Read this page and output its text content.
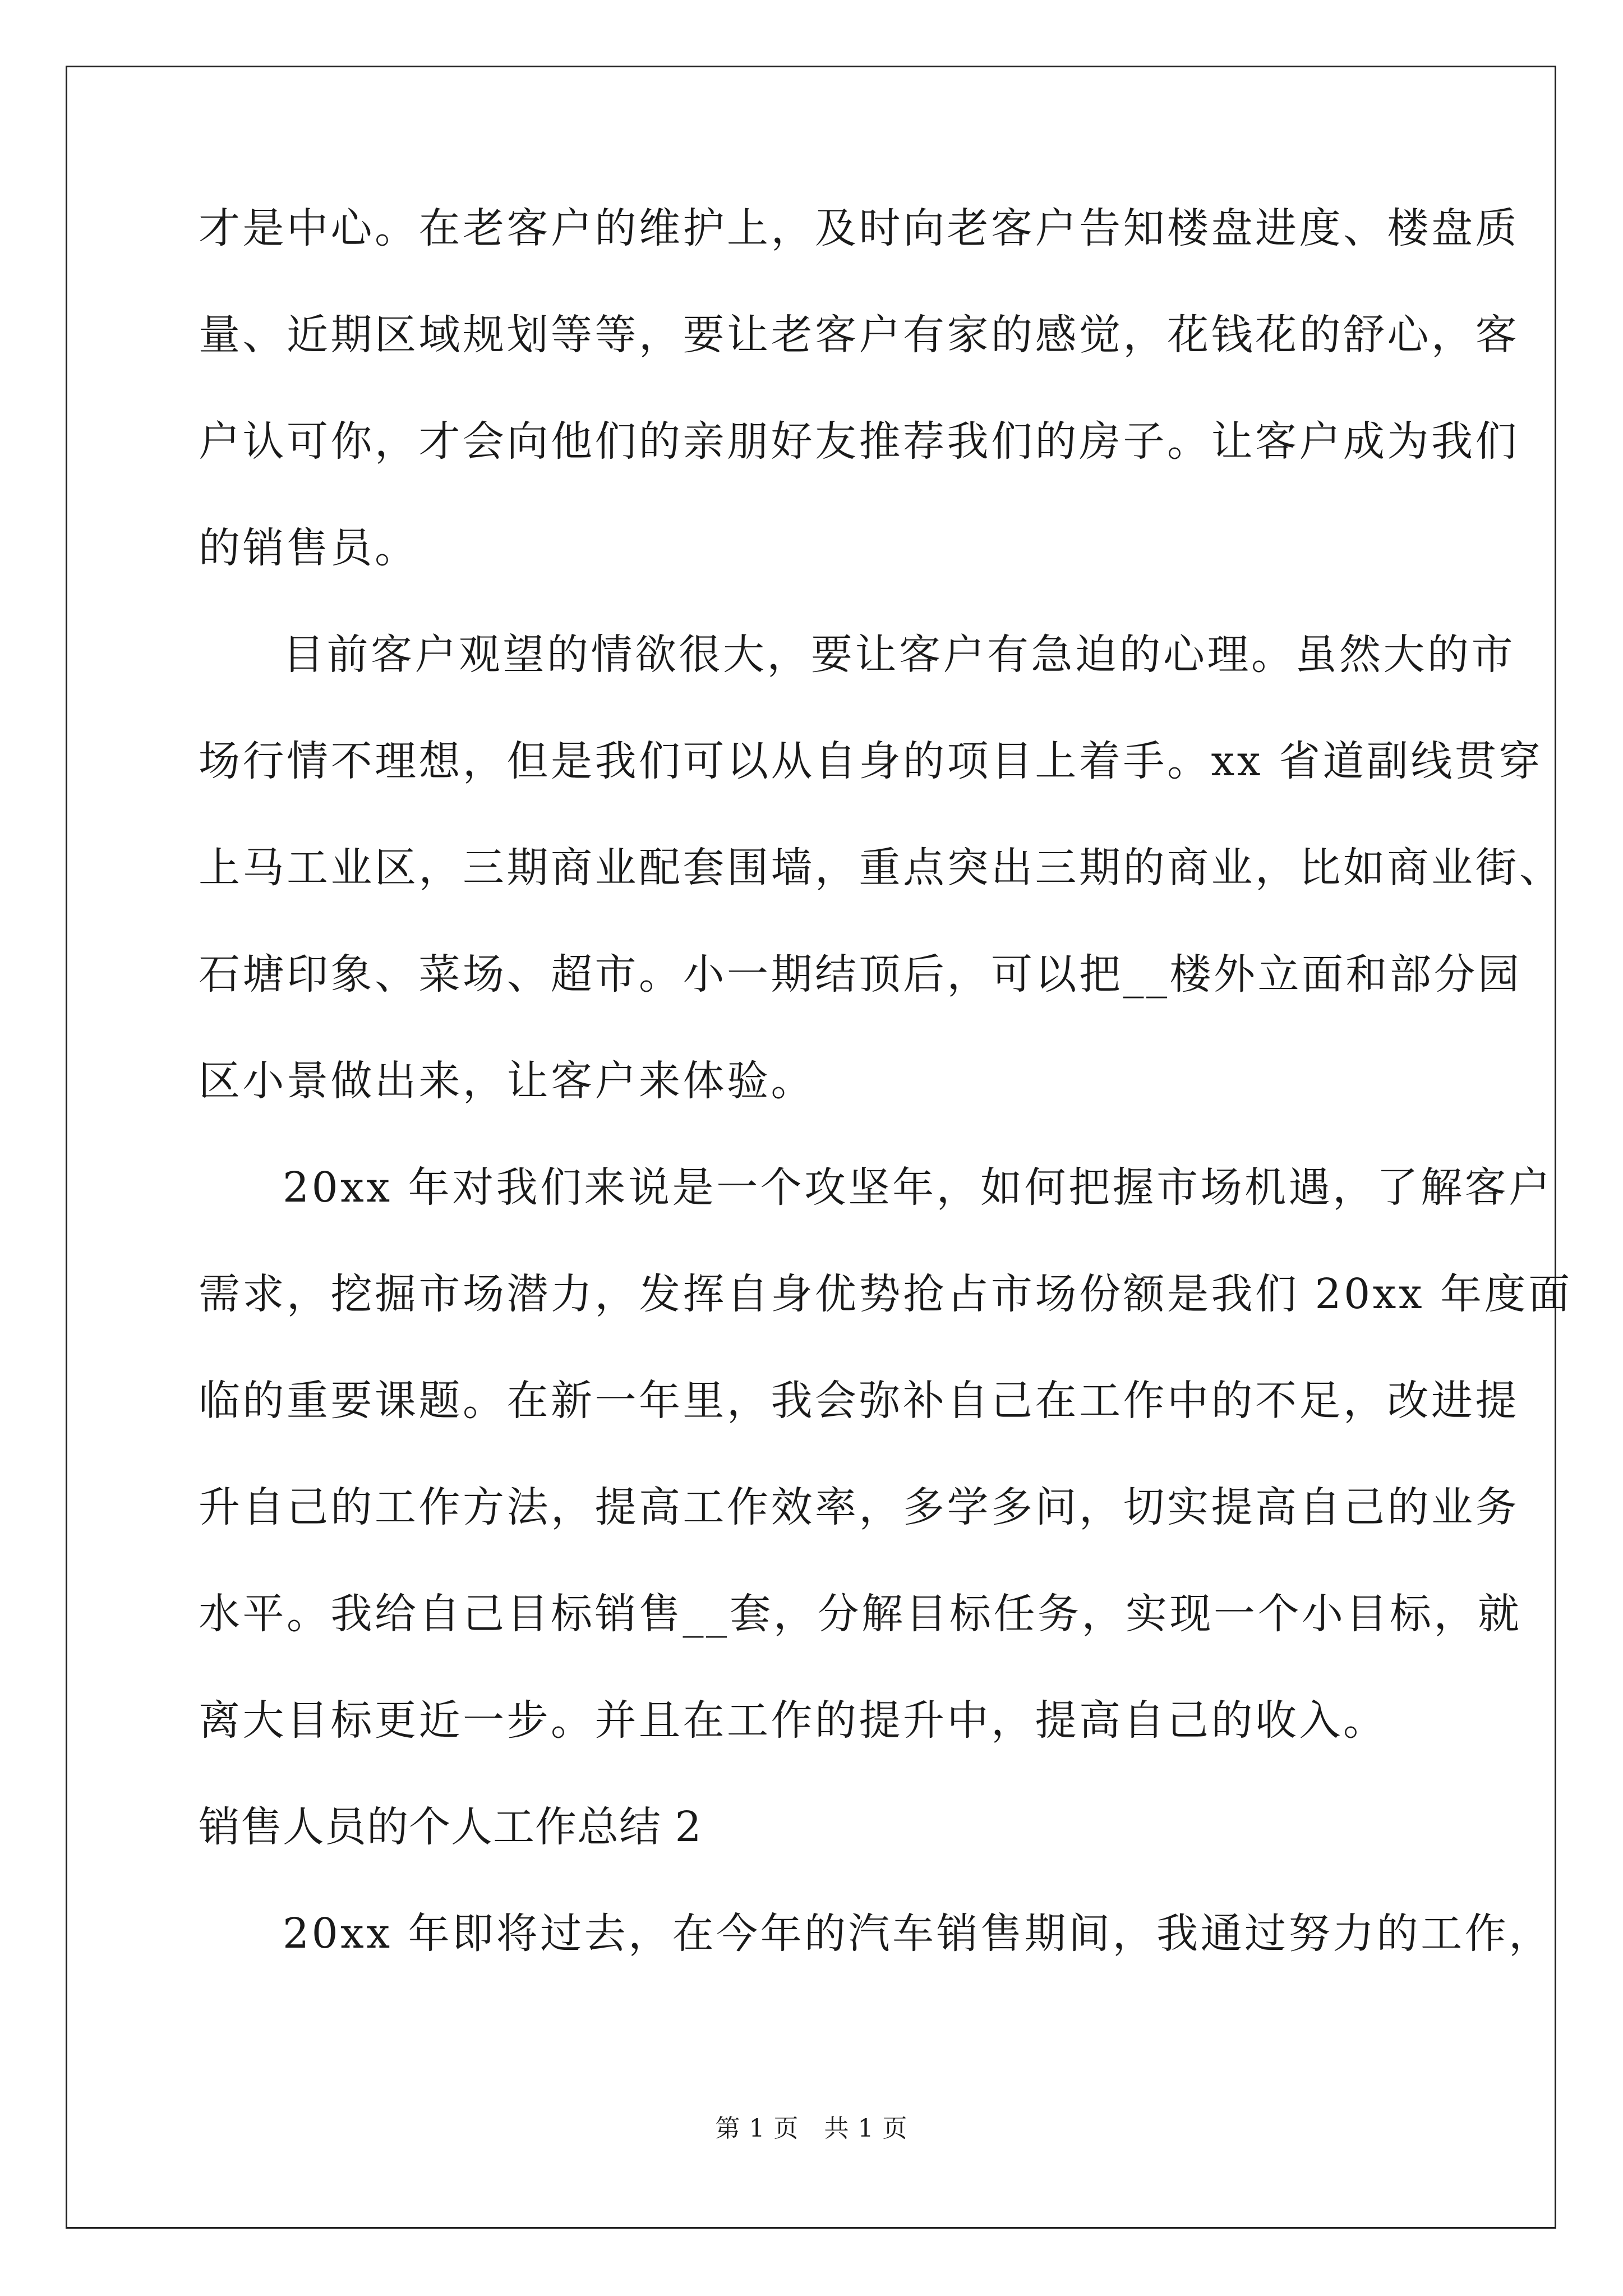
才是中心。在老客户的维护上，及时向老客户告知楼盘进度、楼盘质
量、近期区域规划等等，要让老客户有家的感觉，花钱花的舒心，客
户认可你，才会向他们的亲朋好友推荐我们的房子。让客户成为我们
的销售员。
目前客户观望的情欲很大，要让客户有急迫的心理。虽然大的市
场行情不理想，但是我们可以从自身的项目上着手。xx 省道副线贯穿
上马工业区，三期商业配套围墙，重点突出三期的商业，比如商业街、
石塘印象、菜场、超市。小一期结顶后，可以把__楼外立面和部分园
区小景做出来，让客户来体验。
20xx 年对我们来说是一个攻坚年，如何把握市场机遇，了解客户
需求，挖掘市场潜力，发挥自身优势抢占市场份额是我们 20xx 年度面
临的重要课题。在新一年里，我会弥补自己在工作中的不足，改进提
升自己的工作方法，提高工作效率，多学多问，切实提高自己的业务
水平。我给自己目标销售__套，分解目标任务，实现一个小目标，就
离大目标更近一步。并且在工作的提升中，提高自己的收入。
销售人员的个人工作总结 2
20xx 年即将过去，在今年的汽车销售期间，我通过努力的工作，
第 1 页　共 1 页
